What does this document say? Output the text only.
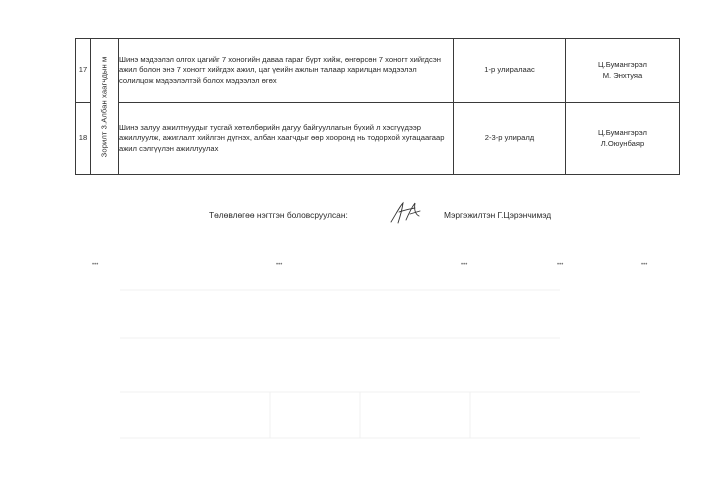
17	Зорилт 3.Албан хаагчдын м	Шинэ мэдээлэл олгох цагийг 7 хоногийн даваа гараг бүрт хийж, өнгөрсөн 7 хоногт хийгдсэн ажил болон энэ 7 хоногт хийгдэх ажил, цаг үеийн ажлын талаар харилцан мэдээлэл солилцож мэдээлэлтэй болох мэдээлэл өгөх	1-р улиралаас	Ц.Бумангэрэл
М. Энхтуяа

18		Шинэ залуу ажилтнуудыг тусгай хөтөлбөрийн дагуу байгууллагын бүхий л хэсгүүдээр ажиллуулж, ажиглалт хийлгэн дүгнэх, албан хаагчдыг өөр хооронд нь тодорхой хугацаагаар ажил сэлгүүлэн ажиллуулах	2-3-р улиралд	Ц.Бумангэрэл
Л.Оюунбаяр
Төлөвлөгөө нэгтгэн боловсруулсан:	Мэргэжилтэн Г.Цэрэнчимэд
•••	•••	•••	•••	•••
